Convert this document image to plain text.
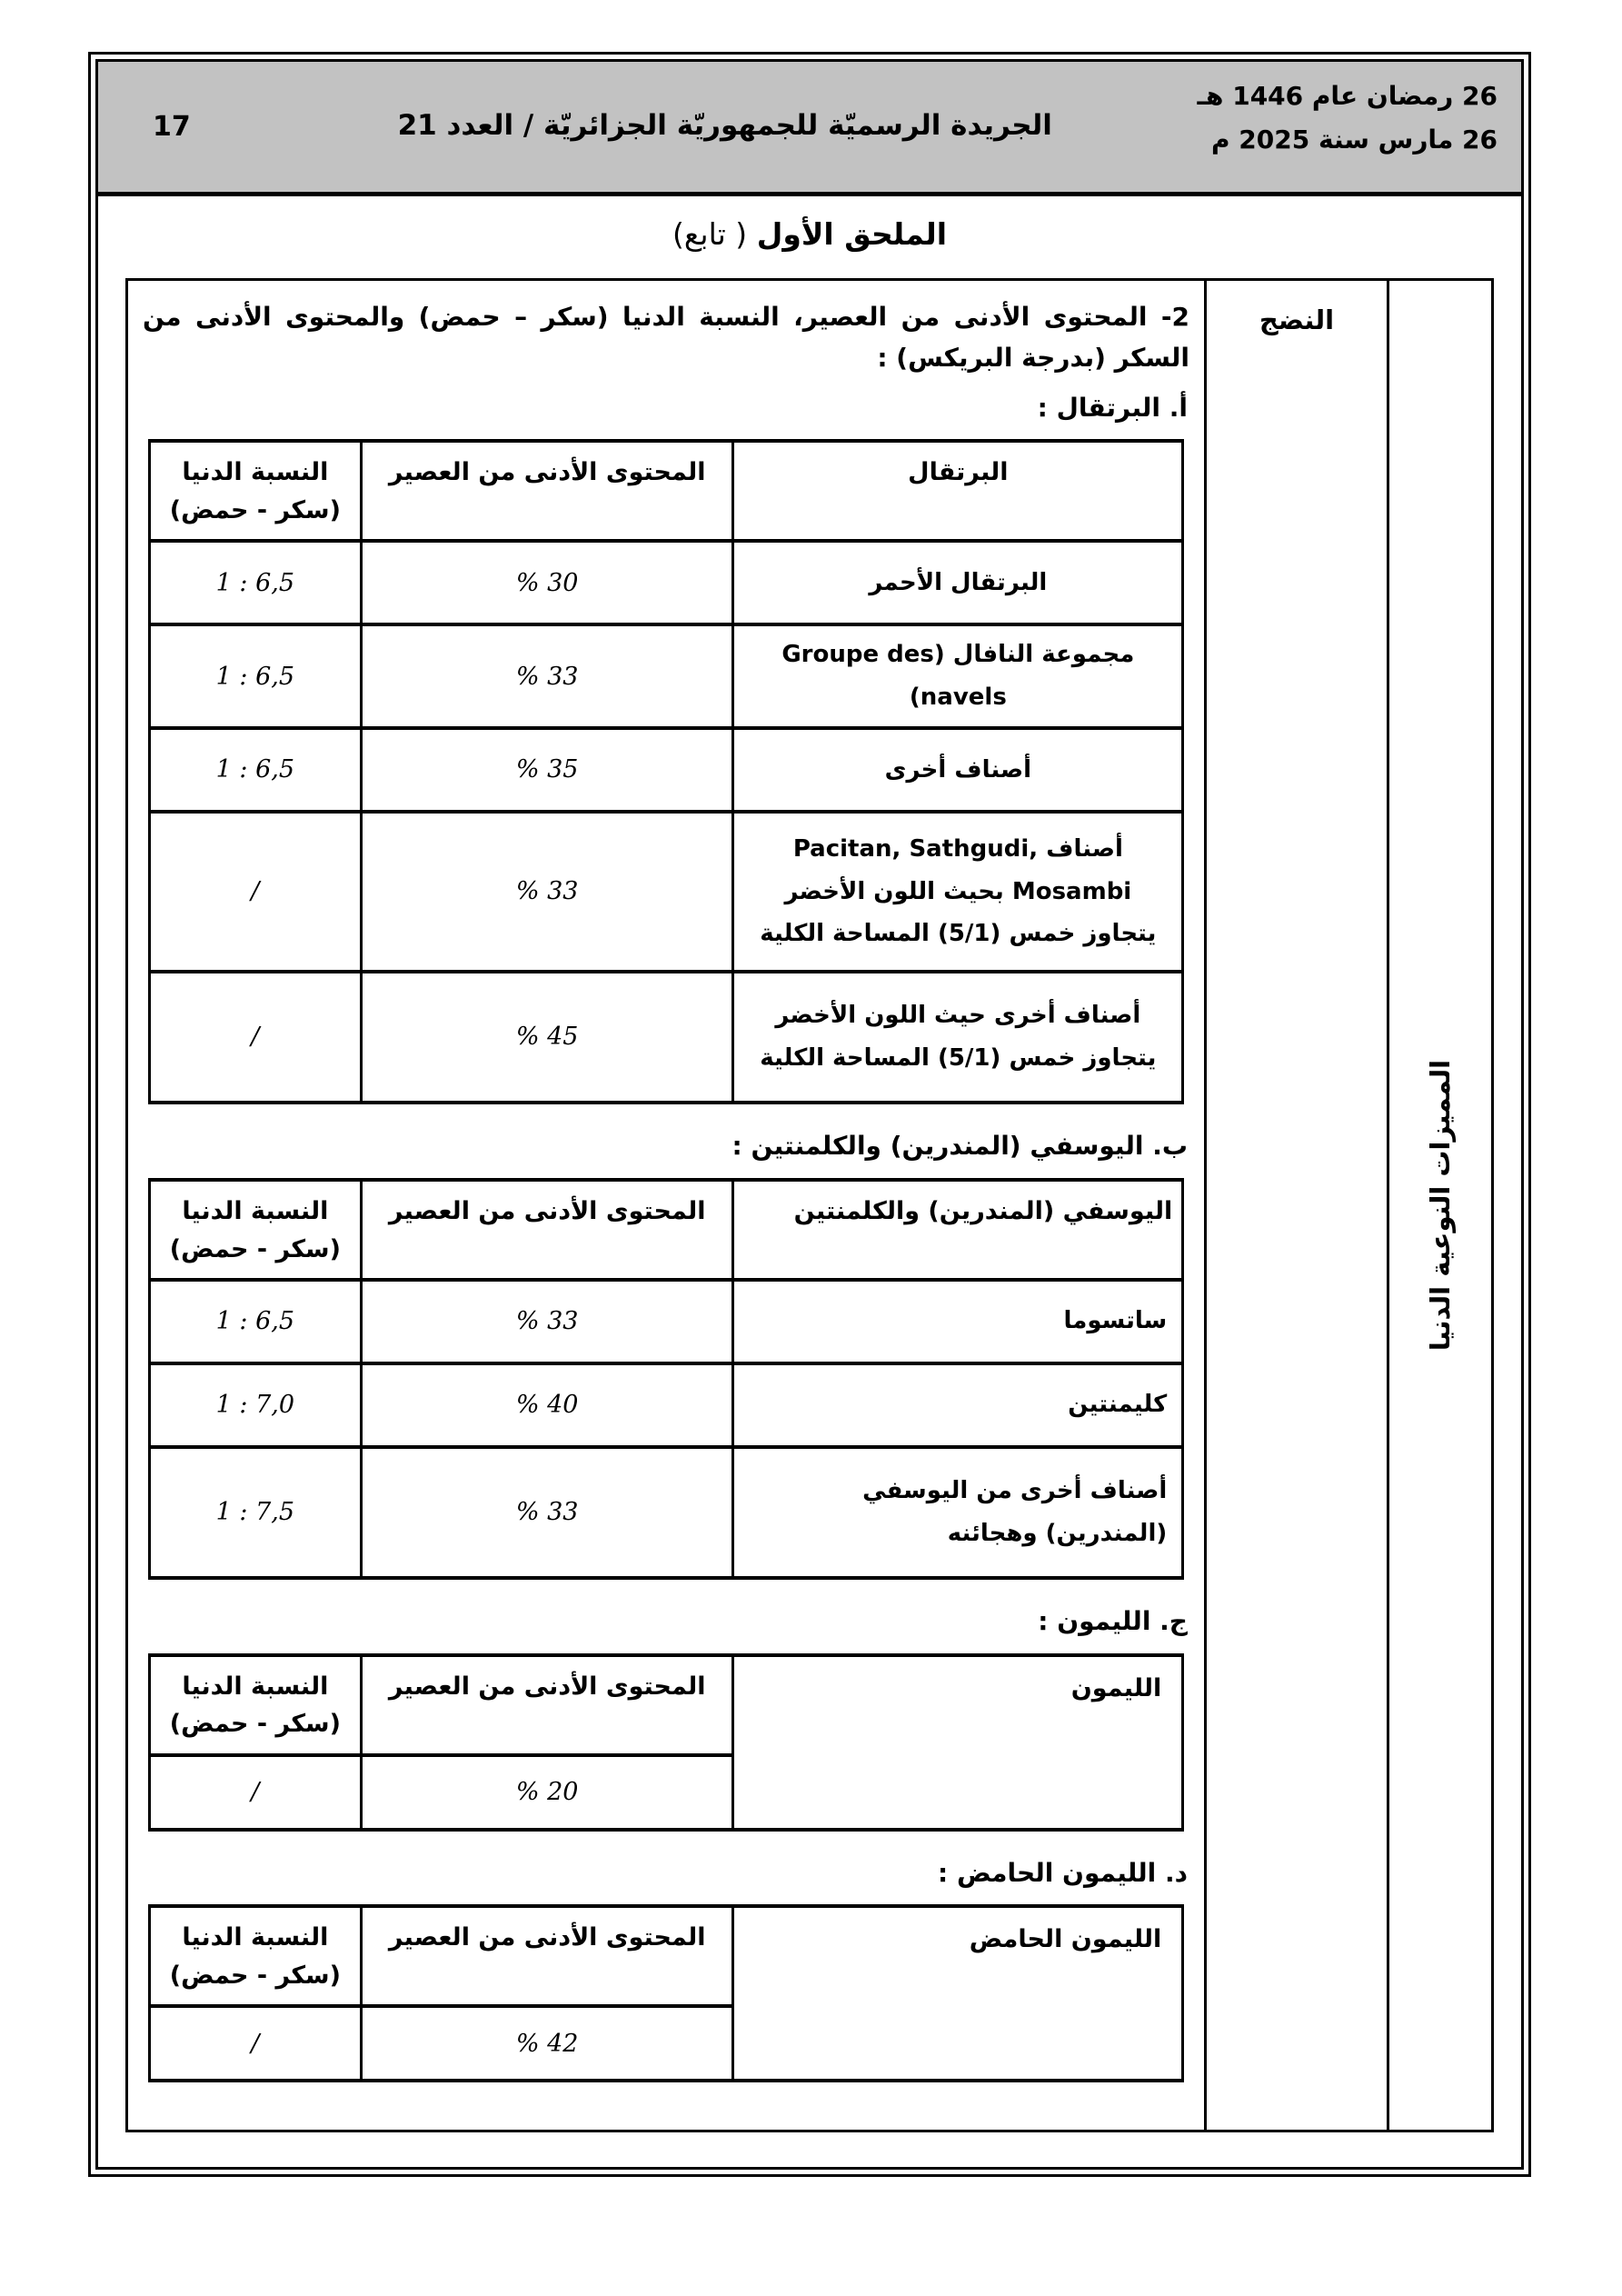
26 رمضان عام 1446 هـ
26 مارس سنة 2025 م
الجريدة الرسميّة للجمهوريّة الجزائريّة / العدد 21
17
الملحق الأول ( تابع)
المميزات النوعية الدنيا
النضج
2- المحتوى الأدنى من العصير، النسبة الدنيا (سكر – حمض) والمحتوى الأدنى من
السكر (بدرجة البريكس) :
أ. البرتقال :
البرتقال	المحتوى الأدنى من العصير	النسبة الدنيا (سكر - حمض)
البرتقال الأحمر	% 30	1 : 6,5
مجموعة النافال (Groupe des navels)	% 33	1 : 6,5
أصناف أخرى	% 35	1 : 6,5
أصناف Pacitan, Sathgudi, Mosambi بحيث اللون الأخضر يتجاوز خمس (5/1) المساحة الكلية	% 33	/
أصناف أخرى حيث اللون الأخضر يتجاوز خمس (5/1) المساحة الكلية	% 45	/
ب. اليوسفي (المندرين) والكلمنتين :
اليوسفي (المندرين) والكلمنتين	المحتوى الأدنى من العصير	النسبة الدنيا (سكر - حمض)
ساتسوما	% 33	1 : 6,5
كليمنتين	% 40	1 : 7,0
أصناف أخرى من اليوسفي (المندرين) وهجائنه	% 33	1 : 7,5
ج. الليمون :
الليمون	المحتوى الأدنى من العصير	النسبة الدنيا (سكر - حمض)
	% 20	/
د. الليمون الحامض :
الليمون الحامض	المحتوى الأدنى من العصير	النسبة الدنيا (سكر - حمض)
	% 42	/
